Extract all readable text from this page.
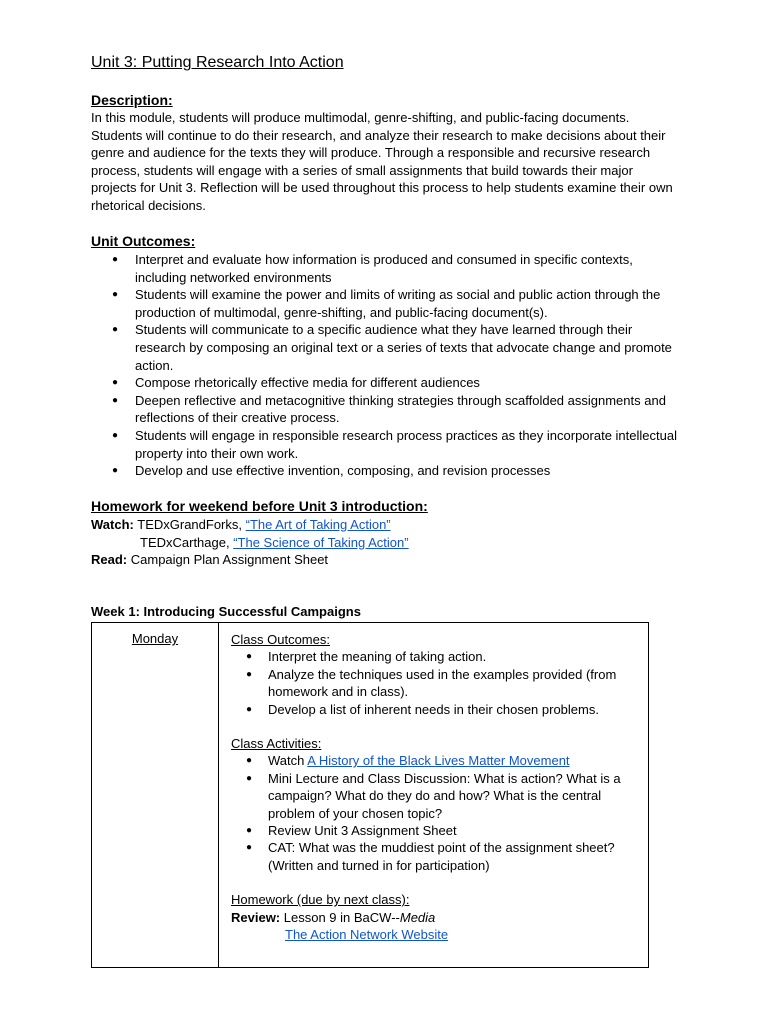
Unit 3: Putting Research Into Action
Description:
In this module, students will produce multimodal, genre-shifting, and public-facing documents. Students will continue to do their research, and analyze their research to make decisions about their genre and audience for the texts they will produce. Through a responsible and recursive research process, students will engage with a series of small assignments that build towards their major projects for Unit 3. Reflection will be used throughout this process to help students examine their own rhetorical decisions.
Unit Outcomes:
● Interpret and evaluate how information is produced and consumed in specific contexts, including networked environments
● Students will examine the power and limits of writing as social and public action through the production of multimodal, genre-shifting, and public-facing document(s).
● Students will communicate to a specific audience what they have learned through their research by composing an original text or a series of texts that advocate change and promote action.
● Compose rhetorically effective media for different audiences
● Deepen reflective and metacognitive thinking strategies through scaffolded assignments and reflections of their creative process.
● Students will engage in responsible research process practices as they incorporate intellectual property into their own work.
● Develop and use effective invention, composing, and revision processes
Homework for weekend before Unit 3 introduction:
Watch: TEDxGrandForks, “The Art of Taking Action”
TEDxCarthage, “The Science of Taking Action”
Read: Campaign Plan Assignment Sheet
Week 1: Introducing Successful Campaigns
Monday	Class Outcomes:
● Interpret the meaning of taking action.
● Analyze the techniques used in the examples provided (from homework and in class).
● Develop a list of inherent needs in their chosen problems.
Class Activities:
● Watch A History of the Black Lives Matter Movement
● Mini Lecture and Class Discussion: What is action? What is a campaign? What do they do and how? What is the central problem of your chosen topic?
● Review Unit 3 Assignment Sheet
● CAT: What was the muddiest point of the assignment sheet? (Written and turned in for participation)
Homework (due by next class):
Review: Lesson 9 in BaCW--Media
The Action Network Website
